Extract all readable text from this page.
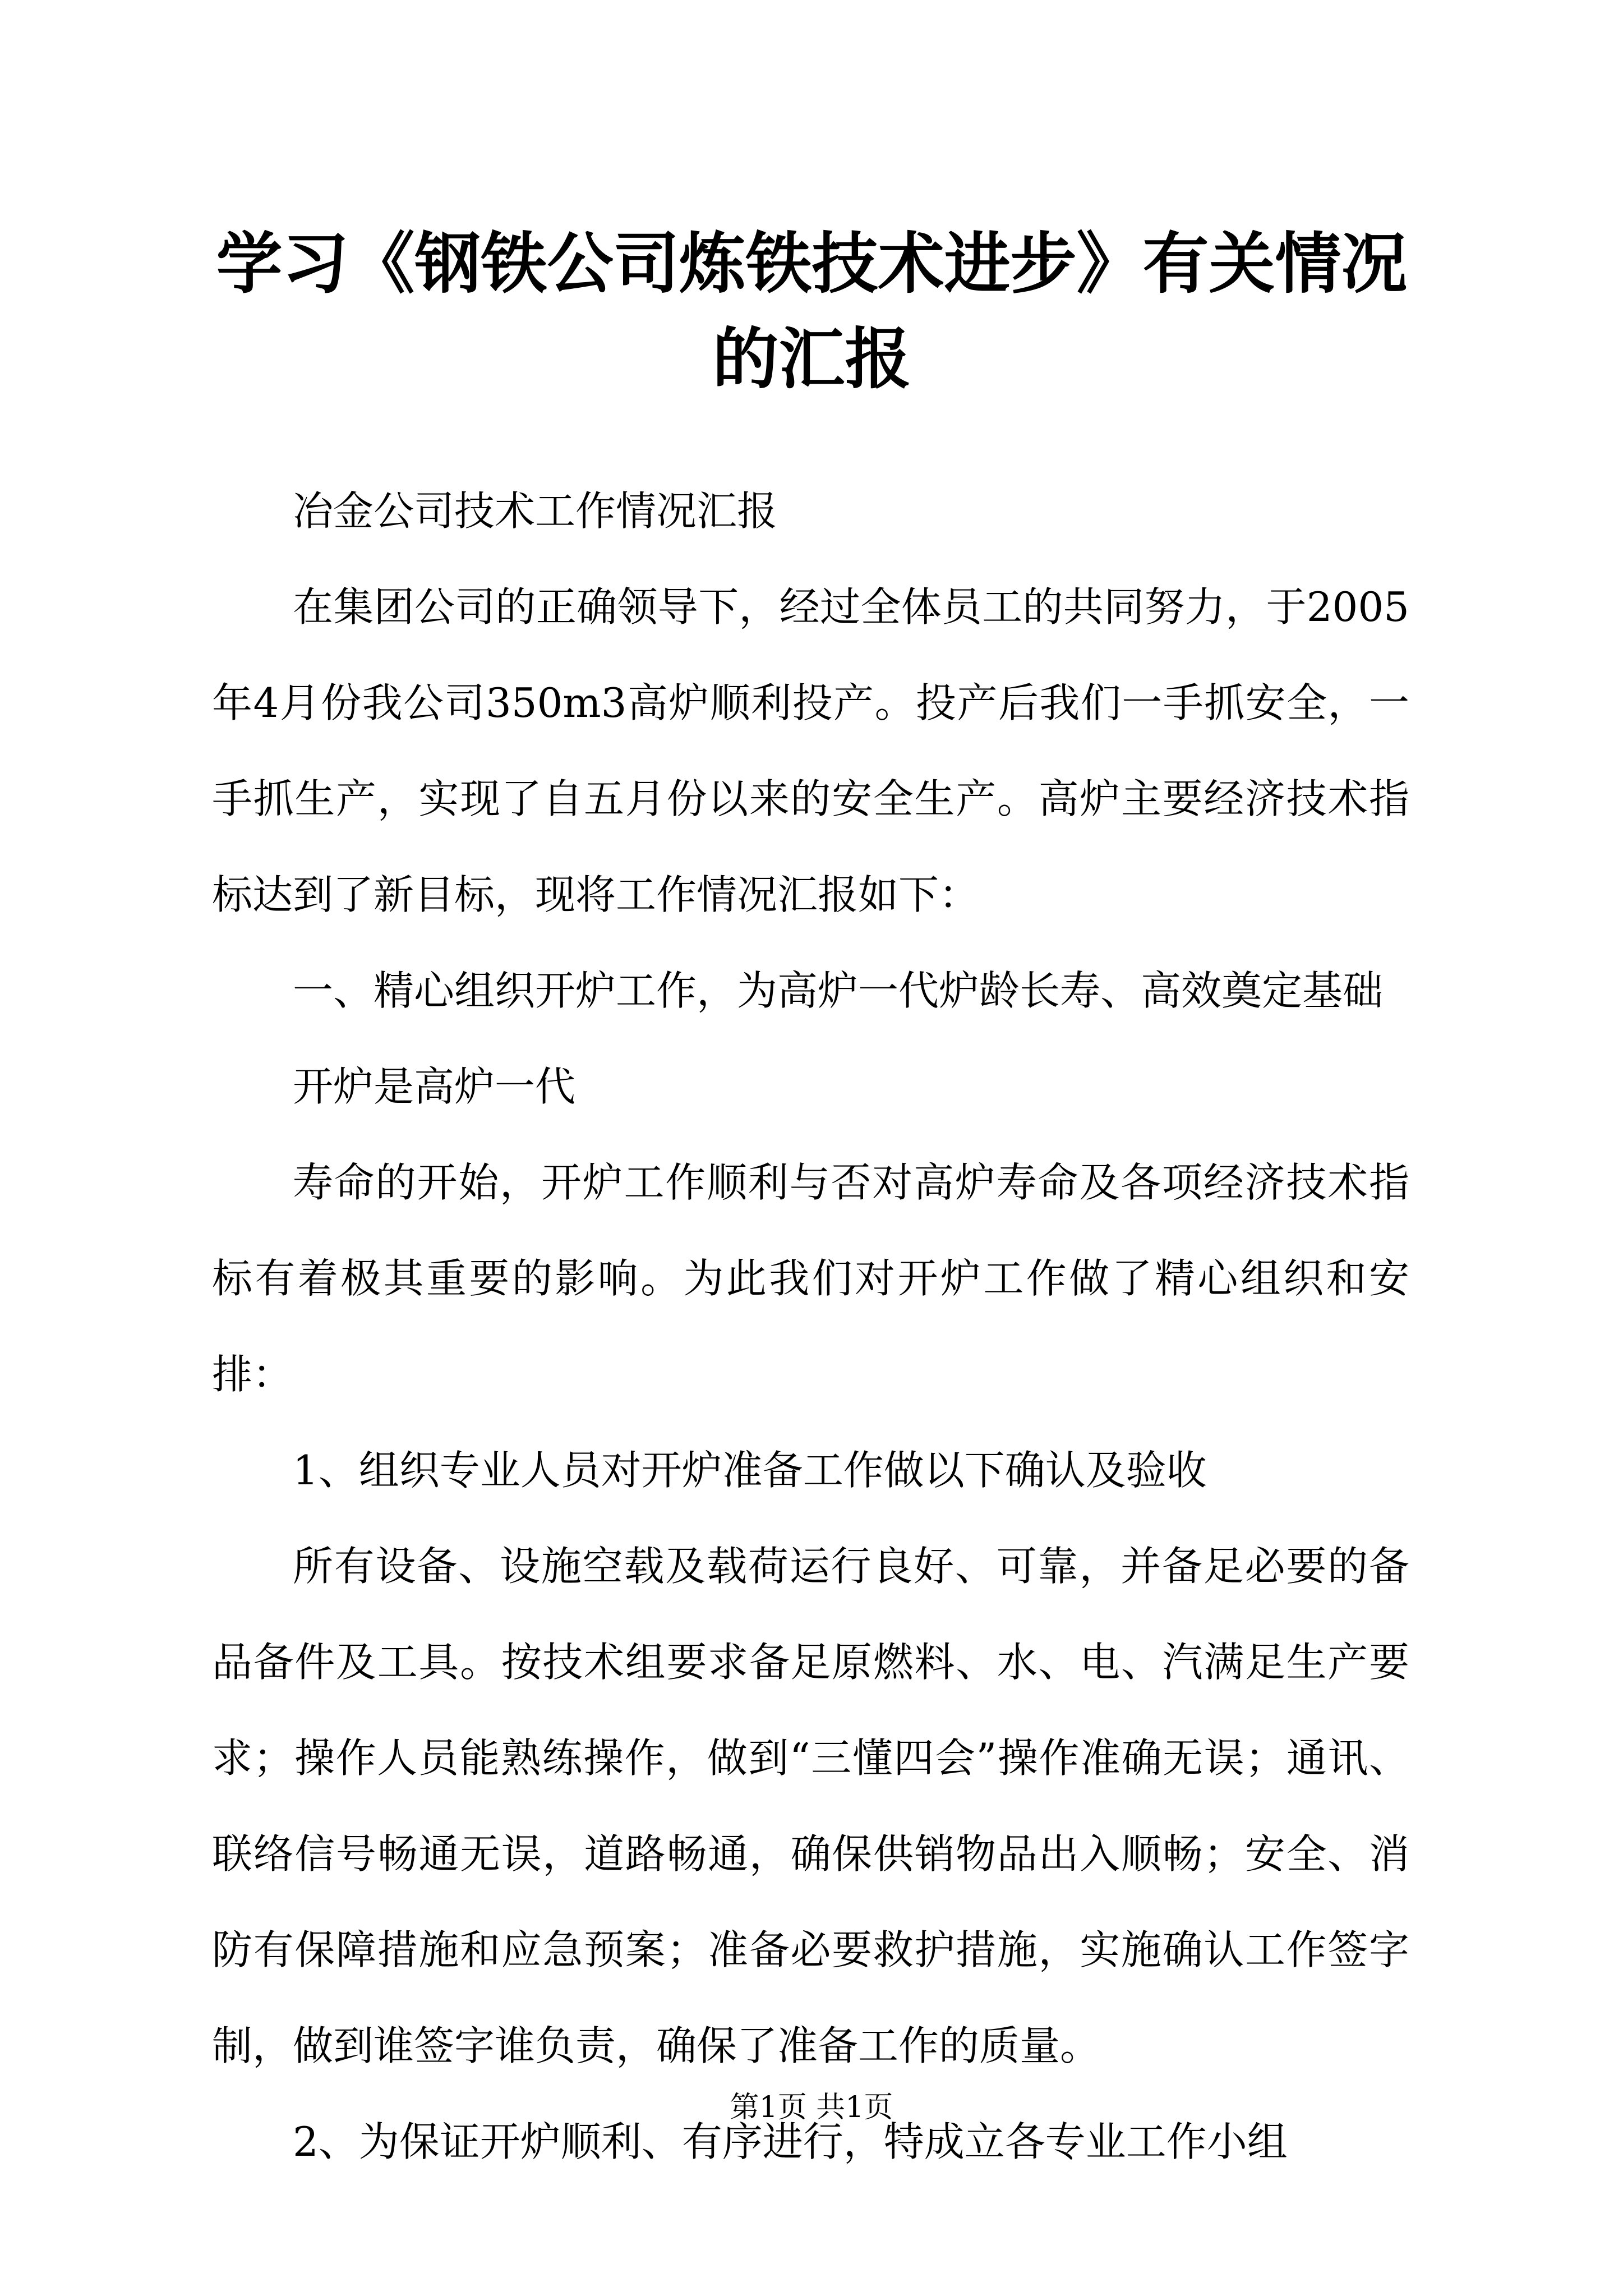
学习《钢铁公司炼铁技术进步》有关情况的汇报

冶金公司技术工作情况汇报

在集团公司的正确领导下，经过全体员工的共同努力，于2005年4月份我公司350m3高炉顺利投产。投产后我们一手抓安全，一手抓生产，实现了自五月份以来的安全生产。高炉主要经济技术指标达到了新目标，现将工作情况汇报如下：

一、精心组织开炉工作，为高炉一代炉龄长寿、高效奠定基础

开炉是高炉一代

寿命的开始，开炉工作顺利与否对高炉寿命及各项经济技术指标有着极其重要的影响。为此我们对开炉工作做了精心组织和安排：

1、组织专业人员对开炉准备工作做以下确认及验收

所有设备、设施空载及载荷运行良好、可靠，并备足必要的备品备件及工具。按技术组要求备足原燃料、水、电、汽满足生产要求；操作人员能熟练操作，做到“三懂四会”操作准确无误；通讯、联络信号畅通无误，道路畅通，确保供销物品出入顺畅；安全、消防有保障措施和应急预案；准备必要救护措施，实施确认工作签字制，做到谁签字谁负责，确保了准备工作的质量。

2、为保证开炉顺利、有序进行，特成立各专业工作小组

第1页 共1页
